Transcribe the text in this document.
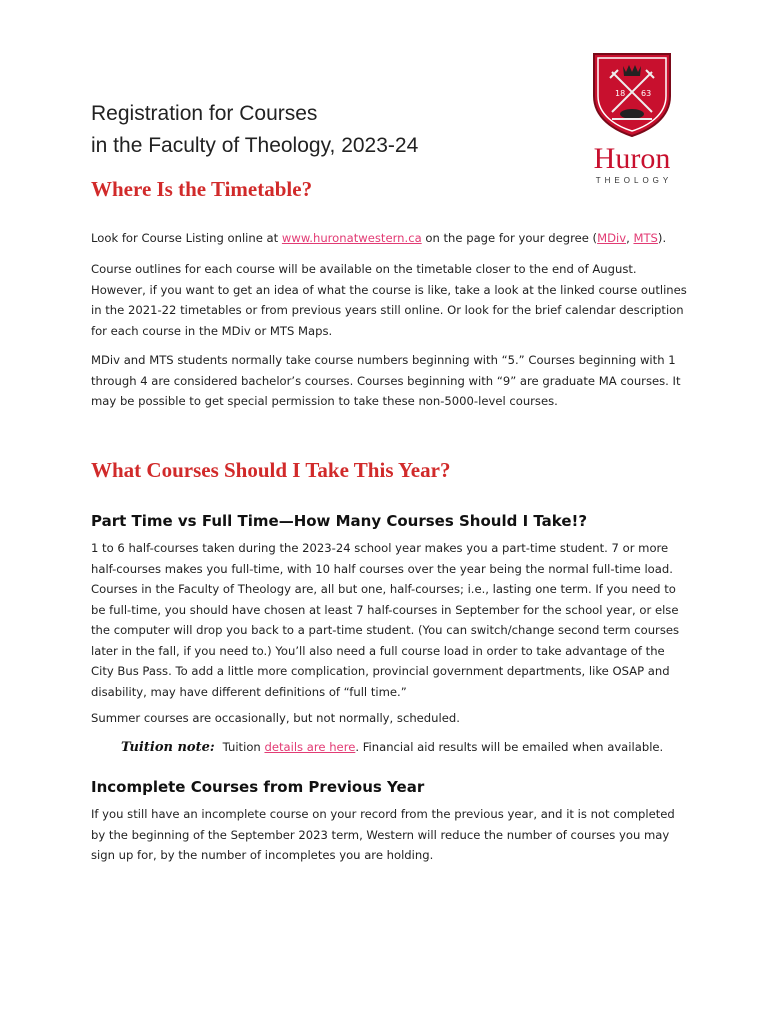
18 63
Huron
THEOLOGY
Registration for Courses
in the Faculty of Theology, 2023-24
Where Is the Timetable?

Look for Course Listing online at www.huronatwestern.ca on the page for your degree (MDiv, MTS).

Course outlines for each course will be available on the timetable closer to the end of August. However, if you want to get an idea of what the course is like, take a look at the linked course outlines in the 2021-22 timetables or from previous years still online. Or look for the brief calendar description for each course in the MDiv or MTS Maps.

MDiv and MTS students normally take course numbers beginning with “5.” Courses beginning with 1 through 4 are considered bachelor’s courses. Courses beginning with “9” are graduate MA courses. It may be possible to get special permission to take these non-5000-level courses.

What Courses Should I Take This Year?
Part Time vs Full Time—How Many Courses Should I Take!?

1 to 6 half-courses taken during the 2023-24 school year makes you a part-time student. 7 or more half-courses makes you full-time, with 10 half courses over the year being the normal full-time load. Courses in the Faculty of Theology are, all but one, half-courses; i.e., lasting one term. If you need to be full-time, you should have chosen at least 7 half-courses in September for the school year, or else the computer will drop you back to a part-time student. (You can switch/change second term courses later in the fall, if you need to.) You’ll also need a full course load in order to take advantage of the City Bus Pass. To add a little more complication, provincial government departments, like OSAP and disability, may have different definitions of “full time.”

Summer courses are occasionally, but not normally, scheduled.

Tuition note: Tuition details are here. Financial aid results will be emailed when available.
Incomplete Courses from Previous Year

If you still have an incomplete course on your record from the previous year, and it is not completed by the beginning of the September 2023 term, Western will reduce the number of courses you may sign up for, by the number of incompletes you are holding.
